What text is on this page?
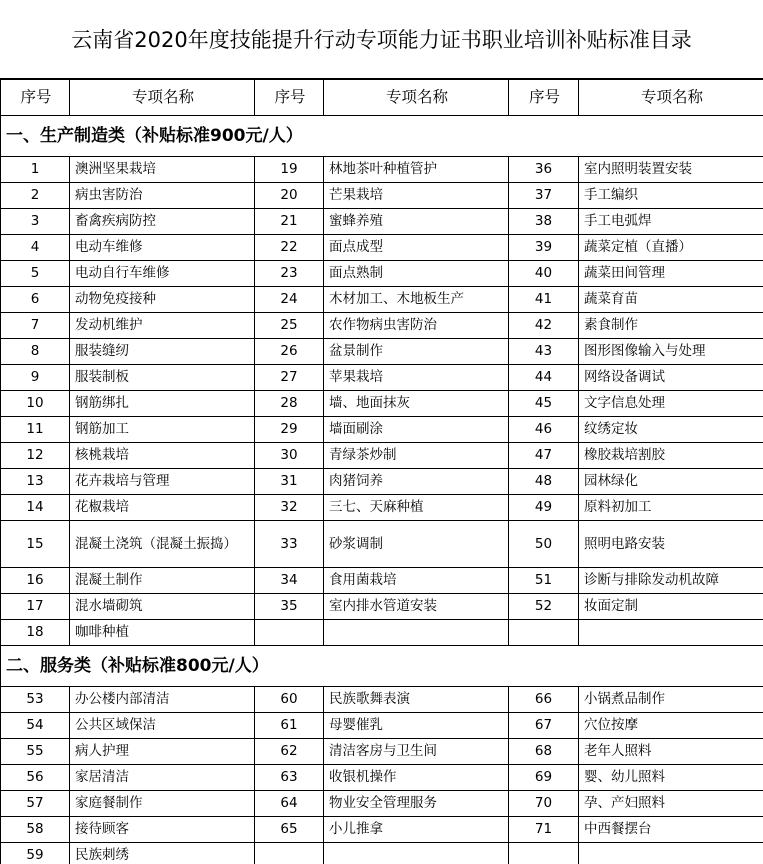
云南省2020年度技能提升行动专项能力证书职业培训补贴标准目录
序号	专项名称	序号	专项名称	序号	专项名称
一、生产制造类（补贴标准900元/人）					
1	澳洲坚果栽培	19	林地茶叶种植管护	36	室内照明装置安装
2	病虫害防治	20	芒果栽培	37	手工编织
3	畜禽疾病防控	21	蜜蜂养殖	38	手工电弧焊
4	电动车维修	22	面点成型	39	蔬菜定植（直播）
5	电动自行车维修	23	面点熟制	40	蔬菜田间管理
6	动物免疫接种	24	木材加工、木地板生产	41	蔬菜育苗
7	发动机维护	25	农作物病虫害防治	42	素食制作
8	服装缝纫	26	盆景制作	43	图形图像输入与处理
9	服装制板	27	苹果栽培	44	网络设备调试
10	钢筋绑扎	28	墙、地面抹灰	45	文字信息处理
11	钢筋加工	29	墙面刷涂	46	纹绣定妆
12	核桃栽培	30	青绿茶炒制	47	橡胶栽培割胶
13	花卉栽培与管理	31	肉猪饲养	48	园林绿化
14	花椒栽培	32	三七、天麻种植	49	原料初加工
15	混凝土浇筑（混凝土振捣）	33	砂浆调制	50	照明电路安装
16	混凝土制作	34	食用菌栽培	51	诊断与排除发动机故障
17	混水墙砌筑	35	室内排水管道安装	52	妆面定制
18	咖啡种植				
二、服务类（补贴标准800元/人）					
53	办公楼内部清洁	60	民族歌舞表演	66	小锅煮品制作
54	公共区域保洁	61	母婴催乳	67	穴位按摩
55	病人护理	62	清洁客房与卫生间	68	老年人照料
56	家居清洁	63	收银机操作	69	婴、幼儿照料
57	家庭餐制作	64	物业安全管理服务	70	孕、产妇照料
58	接待顾客	65	小儿推拿	71	中西餐摆台
59	民族刺绣				
